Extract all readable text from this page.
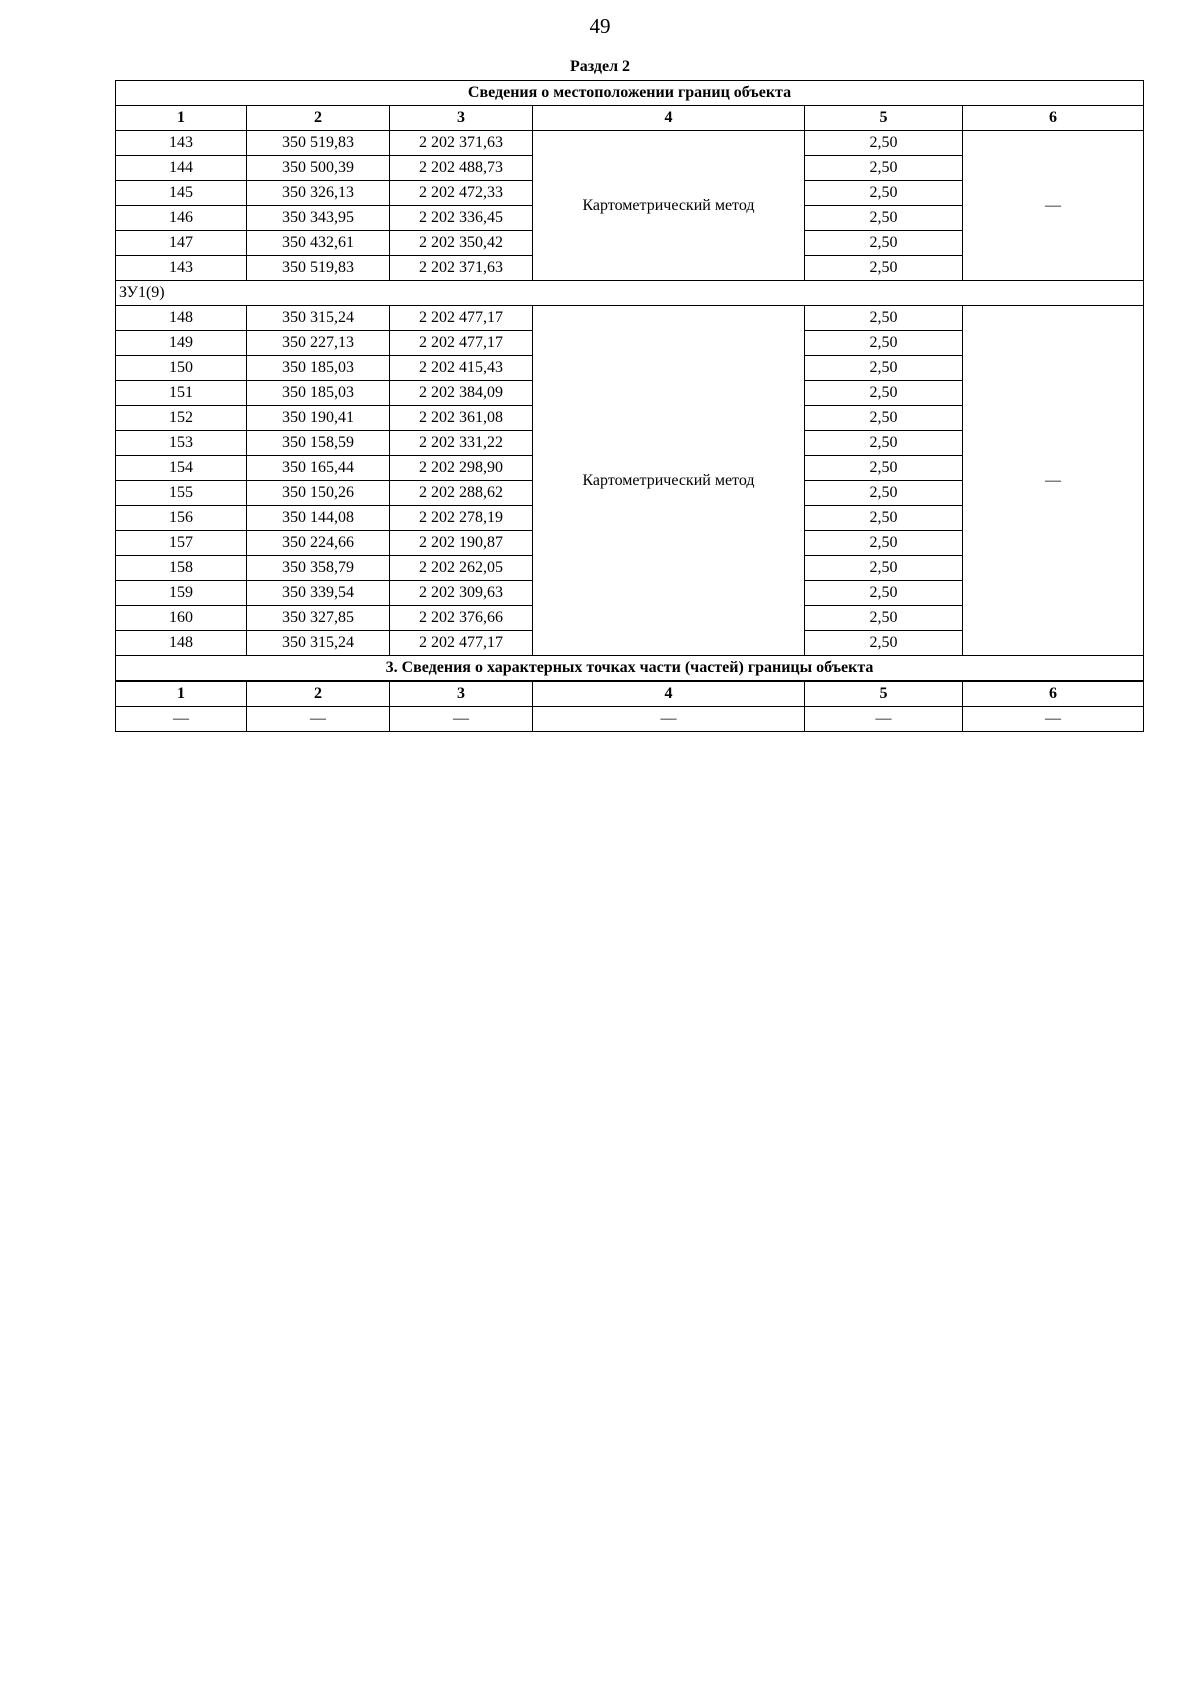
49
Раздел 2
Сведения о местоположении границ объекта					
1	2	3	4	5	6
143	350 519,83	2 202 371,63	Картометрический метод	2,50	—
144	350 500,39	2 202 488,73		2,50	
145	350 326,13	2 202 472,33		2,50	
146	350 343,95	2 202 336,45		2,50	
147	350 432,61	2 202 350,42		2,50	
143	350 519,83	2 202 371,63		2,50	
ЗУ1(9)					
148	350 315,24	2 202 477,17	Картометрический метод	2,50	—
149	350 227,13	2 202 477,17		2,50	
150	350 185,03	2 202 415,43		2,50	
151	350 185,03	2 202 384,09		2,50	
152	350 190,41	2 202 361,08		2,50	
153	350 158,59	2 202 331,22		2,50	
154	350 165,44	2 202 298,90		2,50	
155	350 150,26	2 202 288,62		2,50	
156	350 144,08	2 202 278,19		2,50	
157	350 224,66	2 202 190,87		2,50	
158	350 358,79	2 202 262,05		2,50	
159	350 339,54	2 202 309,63		2,50	
160	350 327,85	2 202 376,66		2,50	
148	350 315,24	2 202 477,17		2,50	
3. Сведения о характерных точках части (частей) границы объекта					
1	2	3	4	5	6
—	—	—	—	—	—
